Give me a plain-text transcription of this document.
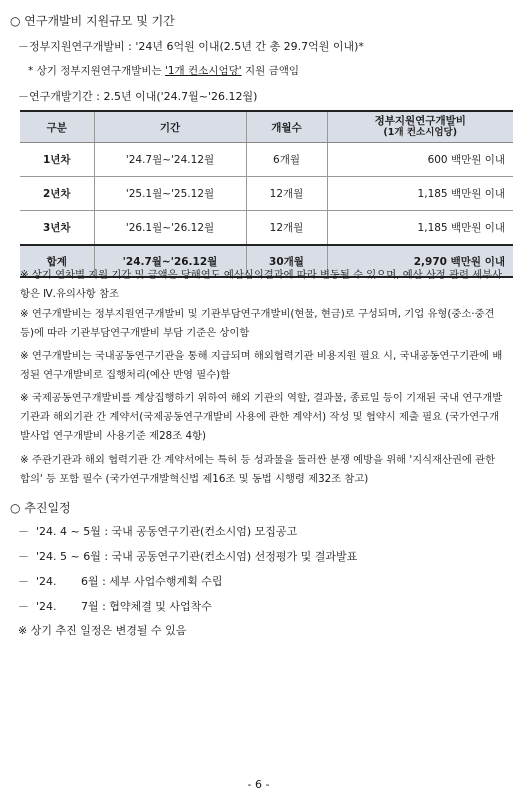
○ 연구개발비 지원규모 및 기간
－정부지원연구개발비 : '24년 6억원 이내(2.5년 간 총 29.7억원 이내)*
* 상기 정부지원연구개발비는 '1개 컨소시엄당' 지원 금액임
－연구개발기간 : 2.5년 이내('24.7월~'26.12월)
구분	기간	개월수	정부지원연구개발비
(1개 컨소시엄당)

1년차	'24.7월~'24.12월	6개월	600 백만원 이내
2년차	'25.1월~'25.12월	12개월	1,185 백만원 이내
3년차	'26.1월~'26.12월	12개월	1,185 백만원 이내
합계	'24.7월~'26.12월	30개월	2,970 백만원 이내
※ 상기 연차별 지원 기간 및 금액은 당해연도 예산심의결과에 따라 변동될 수 있으며, 예산 산정 관련 세부사항은 Ⅳ.유의사항 참조
※ 연구개발비는 정부지원연구개발비 및 기관부담연구개발비(현물, 현금)로 구성되며, 기업 유형(중소·중견 등)에 따라 기관부담연구개발비 부담 기준은 상이함
※ 연구개발비는 국내공동연구기관을 통해 지급되며 해외협력기관 비용지원 필요 시, 국내공동연구기관에 배정된 연구개발비로 집행처리(예산 반영 필수)함
※ 국제공동연구개발비를 계상집행하기 위하여 해외 기관의 역할, 결과물, 종료일 등이 기재된 국내 연구개발 기관과 해외기관 간 계약서(국제공동연구개발비 사용에 관한 계약서) 작성 및 협약시 제출 필요 (국가연구개발사업 연구개발비 사용기준 제28조 4항)
※ 주관기관과 해외 협력기관 간 계약서에는 특허 등 성과물을 둘러싼 분쟁 예방을 위해 '지식재산권에 관한 합의' 등 포함 필수 (국가연구개발혁신법 제16조 및 동법 시행령 제32조 참고)
○ 추진일정
－  '24. 4 ~ 5월 : 국내 공동연구기관(컨소시엄) 모집공고
－  '24. 5 ~ 6월 : 국내 공동연구기관(컨소시엄) 선정평가 및 결과발표
－  '24.       6월 : 세부 사업수행계획 수립
－  '24.       7월 : 협약체결 및 사업착수
※ 상기 추진 일정은 변경될 수 있음
- 6 -
